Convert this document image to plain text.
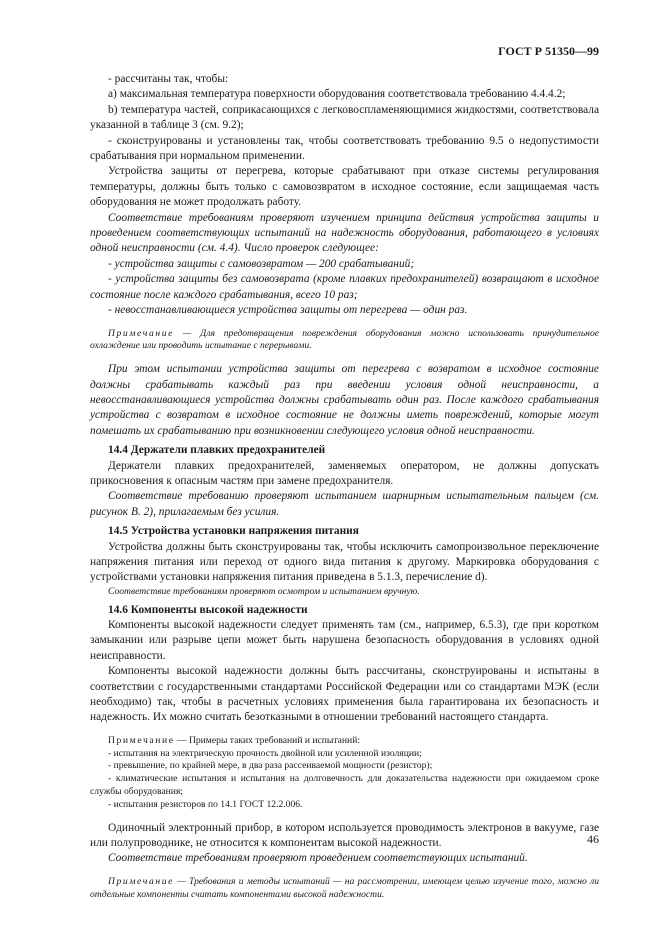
ГОСТ Р 51350—99

- рассчитаны так, чтобы:

a) максимальная температура поверхности оборудования соответствовала требованию 4.4.4.2;

b) температура частей, соприкасающихся с легковоспламеняющимися жидкостями, соответствовала указанной в таблице 3 (см. 9.2);

- сконструированы и установлены так, чтобы соответствовать требованию 9.5 о недопустимости срабатывания при нормальном применении.

Устройства защиты от перегрева, которые срабатывают при отказе системы регулирования температуры, должны быть только с самовозвратом в исходное состояние, если защищаемая часть оборудования не может продолжать работу.

Соответствие требованиям проверяют изучением принципа действия устройства защиты и проведением соответствующих испытаний на надежность оборудования, работающего в условиях одной неисправности (см. 4.4). Число проверок следующее:

- устройства защиты с самовозвратом — 200 срабатываний;

- устройства защиты без самовозврата (кроме плавких предохранителей) возвращают в исходное состояние после каждого срабатывания, всего 10 раз;

- невосстанавливающиеся устройства защиты от перегрева — один раз.

Примечание — Для предотвращения повреждения оборудования можно использовать принудительное охлаждение или проводить испытание с перерывами.

При этом испытании устройства защиты от перегрева с возвратом в исходное состояние должны срабатывать каждый раз при введении условия одной неисправности, а невосстанавливающиеся устройства должны срабатывать один раз. После каждого срабатывания устройства с возвратом в исходное состояние не должны иметь повреждений, которые могут помешать их срабатыванию при возникновении следующего условия одной неисправности.

14.4 Держатели плавких предохранителей

Держатели плавких предохранителей, заменяемых оператором, не должны допускать прикосновения к опасным частям при замене предохранителя.

Соответствие требованию проверяют испытанием шарнирным испытательным пальцем (см. рисунок В. 2), прилагаемым без усилия.

14.5 Устройства установки напряжения питания

Устройства должны быть сконструированы так, чтобы исключить самопроизвольное переключение напряжения питания или переход от одного вида питания к другому. Маркировка оборудования с устройствами установки напряжения питания приведена в 5.1.3, перечисление d).

Соответствие требованиям проверяют осмотром и испытанием вручную.

14.6 Компоненты высокой надежности

Компоненты высокой надежности следует применять там (см., например, 6.5.3), где при коротком замыкании или разрыве цепи может быть нарушена безопасность оборудования в условиях одной неисправности.

Компоненты высокой надежности должны быть рассчитаны, сконструированы и испытаны в соответствии с государственными стандартами Российской Федерации или со стандартами МЭК (если необходимо) так, чтобы в расчетных условиях применения была гарантирована их безопасность и надежность. Их можно считать безотказными в отношении требований настоящего стандарта.

Примечание — Примеры таких требований и испытаний:

- испытания на электрическую прочность двойной или усиленной изоляции;

- превышение, по крайней мере, в два раза рассеиваемой мощности (резистор);

- климатические испытания и испытания на долговечность для доказательства надежности при ожидаемом сроке службы оборудования;

- испытания резисторов по 14.1 ГОСТ 12.2.006.

Одиночный электронный прибор, в котором используется проводимость электронов в вакууме, газе или полупроводнике, не относится к компонентам высокой надежности.

Соответствие требованиям проверяют проведением соответствующих испытаний.

Примечание — Требования и методы испытаний — на рассмотрении, имеющем целью изучение того, можно ли отдельные компоненты считать компонентами высокой надежности.

46
